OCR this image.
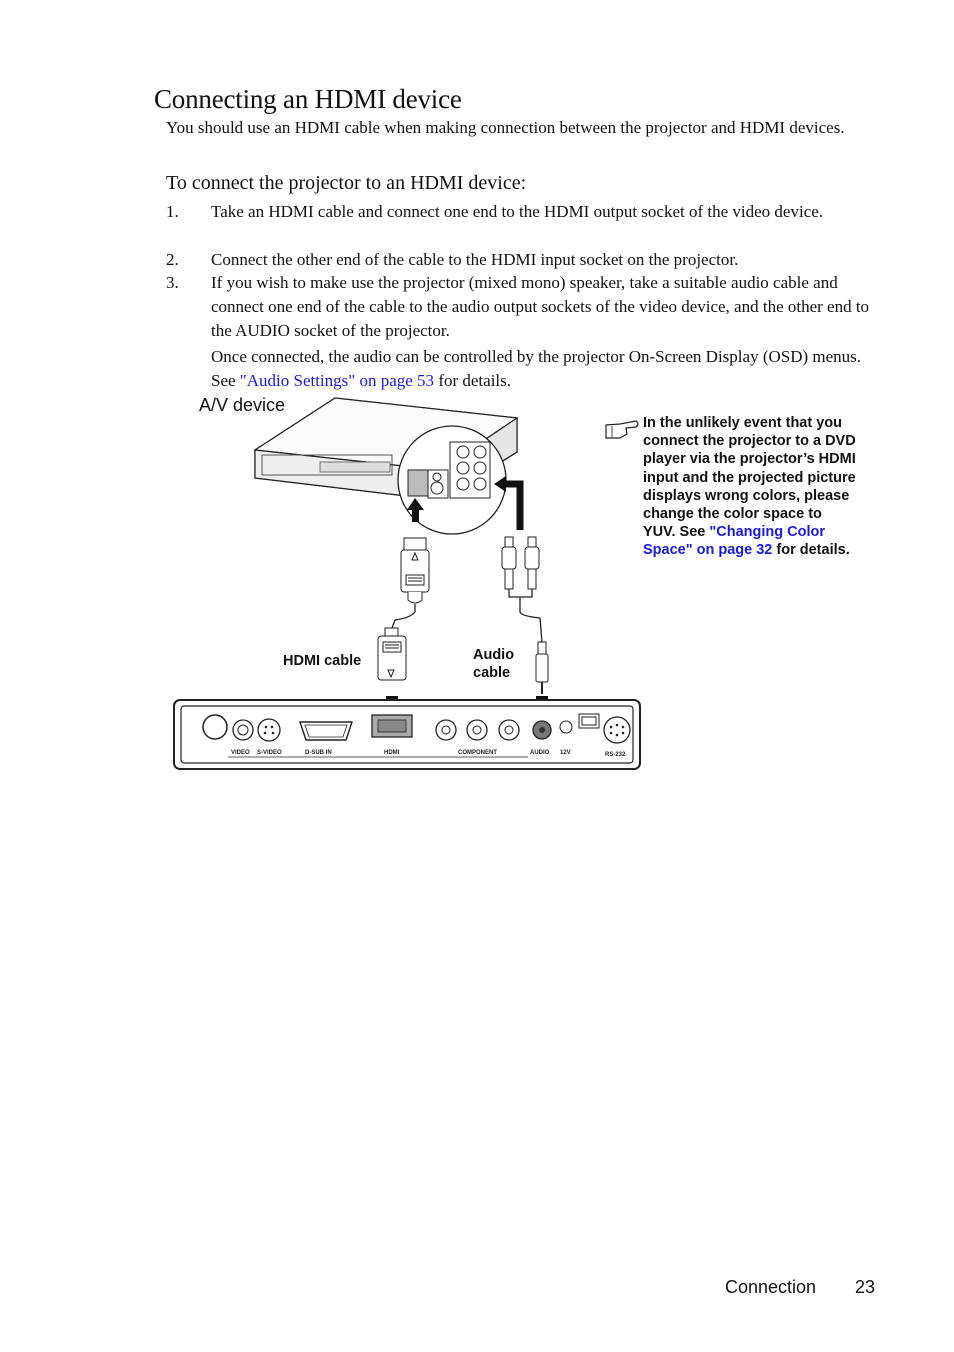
Connecting an HDMI device

You should use an HDMI cable when making connection between the projector and HDMI devices.

To connect the projector to an HDMI device:
1. Take an HDMI cable and connect one end to the HDMI output socket of the video device.
2. Connect the other end of the cable to the HDMI input socket on the projector.
3. If you wish to make use the projector (mixed mono) speaker, take a suitable audio cable and connect one end of the cable to the audio output sockets of the video device, and the other end to the AUDIO socket of the projector.
Once connected, the audio can be controlled by the projector On-Screen Display (OSD) menus. See "Audio Settings" on page 53 for details.
VIDEO S-VIDEO	D-SUB IN	HDMI	COMPONENT	AUDIO 12V	RS-232
A/V device
HDMI cable	Audio
cable
In the unlikely event that you connect the projector to a DVD player via the projector’s HDMI input and the projected picture displays wrong colors, please change the color space to YUV. See "Changing Color Space" on page 32 for details.
Connection 23
